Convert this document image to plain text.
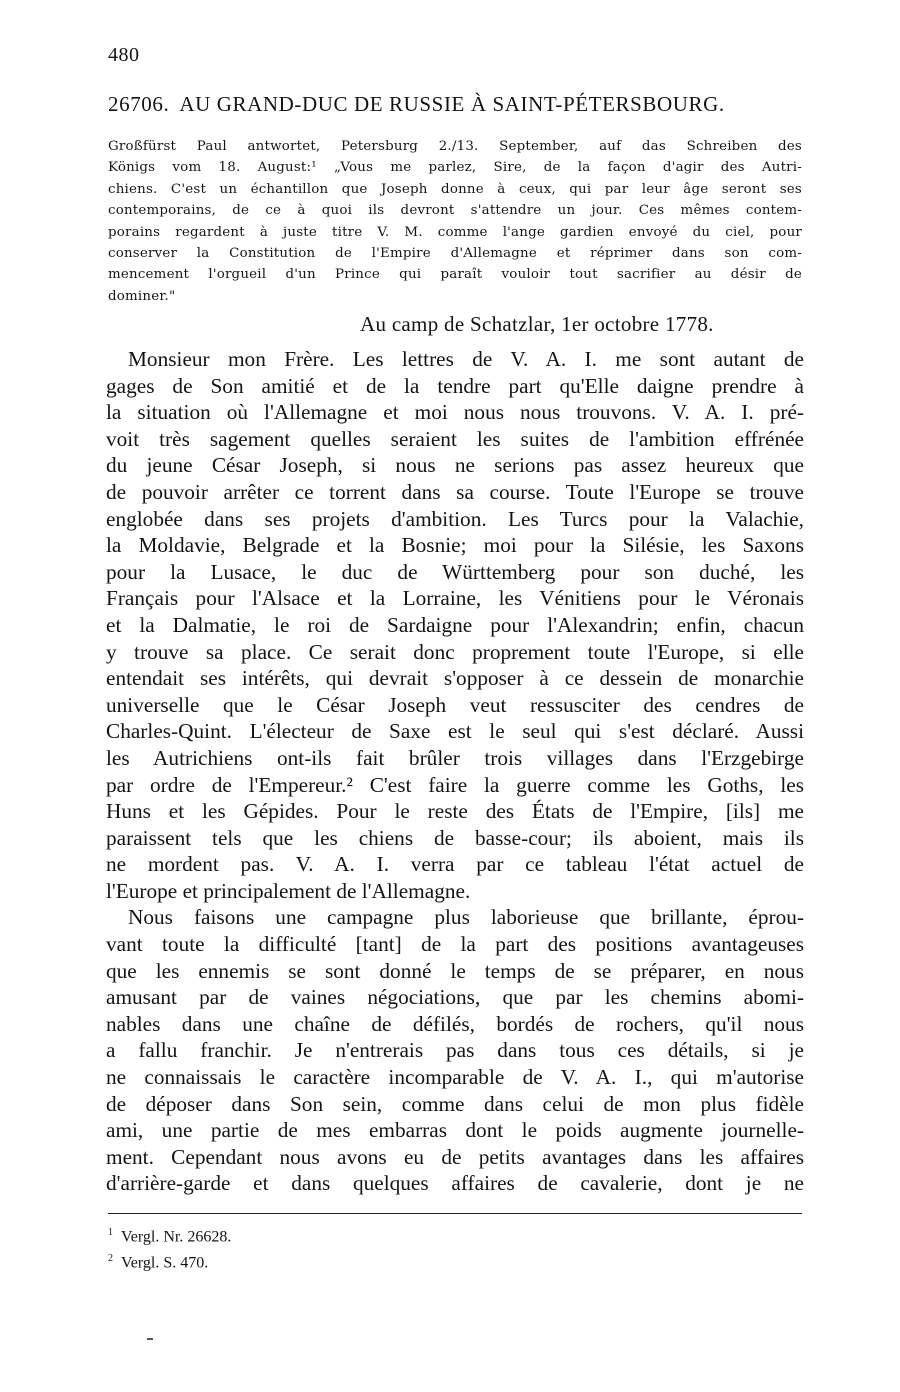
480
26706. AU GRAND-DUC DE RUSSIE À SAINT-PÉTERSBOURG.
Großfürst Paul antwortet, Petersburg 2./13. September, auf das Schreiben des
Königs vom 18. August:¹ „Vous me parlez, Sire, de la façon d'agir des Autri-
chiens. C'est un échantillon que Joseph donne à ceux, qui par leur âge seront ses
contemporains, de ce à quoi ils devront s'attendre un jour. Ces mêmes contem-
porains regardent à juste titre V. M. comme l'ange gardien envoyé du ciel, pour
conserver la Constitution de l'Empire d'Allemagne et réprimer dans son com-
mencement l'orgueil d'un Prince qui paraît vouloir tout sacrifier au désir de
dominer."
Au camp de Schatzlar, 1er octobre 1778.
Monsieur mon Frère. Les lettres de V. A. I. me sont autant de
gages de Son amitié et de la tendre part qu'Elle daigne prendre à
la situation où l'Allemagne et moi nous nous trouvons. V. A. I. pré-
voit très sagement quelles seraient les suites de l'ambition effrénée
du jeune César Joseph, si nous ne serions pas assez heureux que
de pouvoir arrêter ce torrent dans sa course. Toute l'Europe se trouve
englobée dans ses projets d'ambition. Les Turcs pour la Valachie,
la Moldavie, Belgrade et la Bosnie; moi pour la Silésie, les Saxons
pour la Lusace, le duc de Württemberg pour son duché, les
Français pour l'Alsace et la Lorraine, les Vénitiens pour le Véronais
et la Dalmatie, le roi de Sardaigne pour l'Alexandrin; enfin, chacun
y trouve sa place. Ce serait donc proprement toute l'Europe, si elle
entendait ses intérêts, qui devrait s'opposer à ce dessein de monarchie
universelle que le César Joseph veut ressusciter des cendres de
Charles-Quint. L'électeur de Saxe est le seul qui s'est déclaré. Aussi
les Autrichiens ont-ils fait brûler trois villages dans l'Erzgebirge
par ordre de l'Empereur.² C'est faire la guerre comme les Goths, les
Huns et les Gépides. Pour le reste des États de l'Empire, [ils] me
paraissent tels que les chiens de basse-cour; ils aboient, mais ils
ne mordent pas. V. A. I. verra par ce tableau l'état actuel de
l'Europe et principalement de l'Allemagne.
Nous faisons une campagne plus laborieuse que brillante, éprou-
vant toute la difficulté [tant] de la part des positions avantageuses
que les ennemis se sont donné le temps de se préparer, en nous
amusant par de vaines négociations, que par les chemins abomi-
nables dans une chaîne de défilés, bordés de rochers, qu'il nous
a fallu franchir. Je n'entrerais pas dans tous ces détails, si je
ne connaissais le caractère incomparable de V. A. I., qui m'autorise
de déposer dans Son sein, comme dans celui de mon plus fidèle
ami, une partie de mes embarras dont le poids augmente journelle-
ment. Cependant nous avons eu de petits avantages dans les affaires
d'arrière-garde et dans quelques affaires de cavalerie, dont je ne
$^1$ Vergl. Nr. 26628.
$^2$ Vergl. S. 470.
